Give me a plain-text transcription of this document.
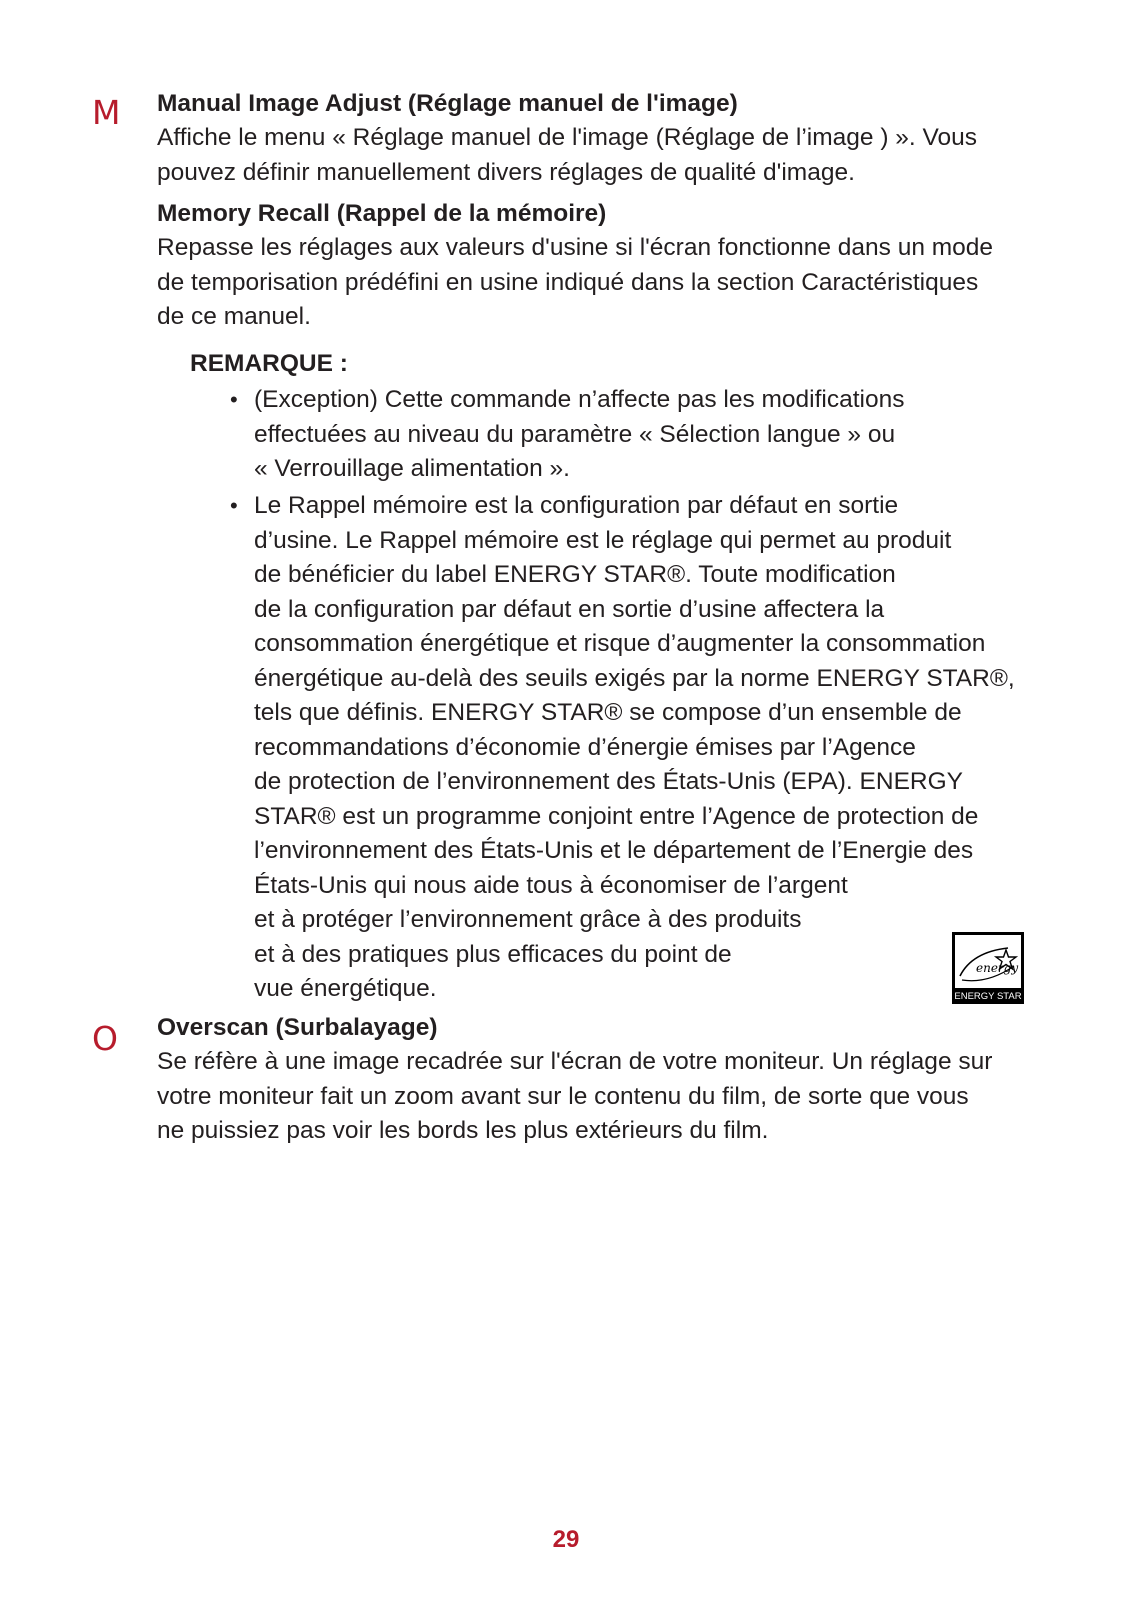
M Manual Image Adjust (Réglage manuel de l'image)

Affiche le menu « Réglage manuel de l'image (Réglage de l’image ) ». Vous
pouvez définir manuellement divers réglages de qualité d'image.

Memory Recall (Rappel de la mémoire)

Repasse les réglages aux valeurs d'usine si l'écran fonctionne dans un mode
de temporisation prédéfini en usine indiqué dans la section Caractéristiques
de ce manuel.

REMARQUE :
• (Exception) Cette commande n’affecte pas les modifications
effectuées au niveau du paramètre « Sélection langue » ou
« Verrouillage alimentation ».
• Le Rappel mémoire est la configuration par défaut en sortie
d’usine. Le Rappel mémoire est le réglage qui permet au produit
de bénéficier du label ENERGY STAR®. Toute modification
de la configuration par défaut en sortie d’usine affectera la
consommation énergétique et risque d’augmenter la consommation
énergétique au-delà des seuils exigés par la norme ENERGY STAR®,
tels que définis. ENERGY STAR® se compose d’un ensemble de
recommandations d’économie d’énergie émises par l’Agence
de protection de l’environnement des États-Unis (EPA). ENERGY
STAR® est un programme conjoint entre l’Agence de protection de
l’environnement des États-Unis et le département de l’Energie des
États-Unis qui nous aide tous à économiser de l’argent
et à protéger l’environnement grâce à des produits
et à des pratiques plus efficaces du point de
vue énergétique.
energy
ENERGY STAR
O Overscan (Surbalayage)

Se réfère à une image recadrée sur l'écran de votre moniteur. Un réglage sur
votre moniteur fait un zoom avant sur le contenu du film, de sorte que vous
ne puissiez pas voir les bords les plus extérieurs du film.

29
